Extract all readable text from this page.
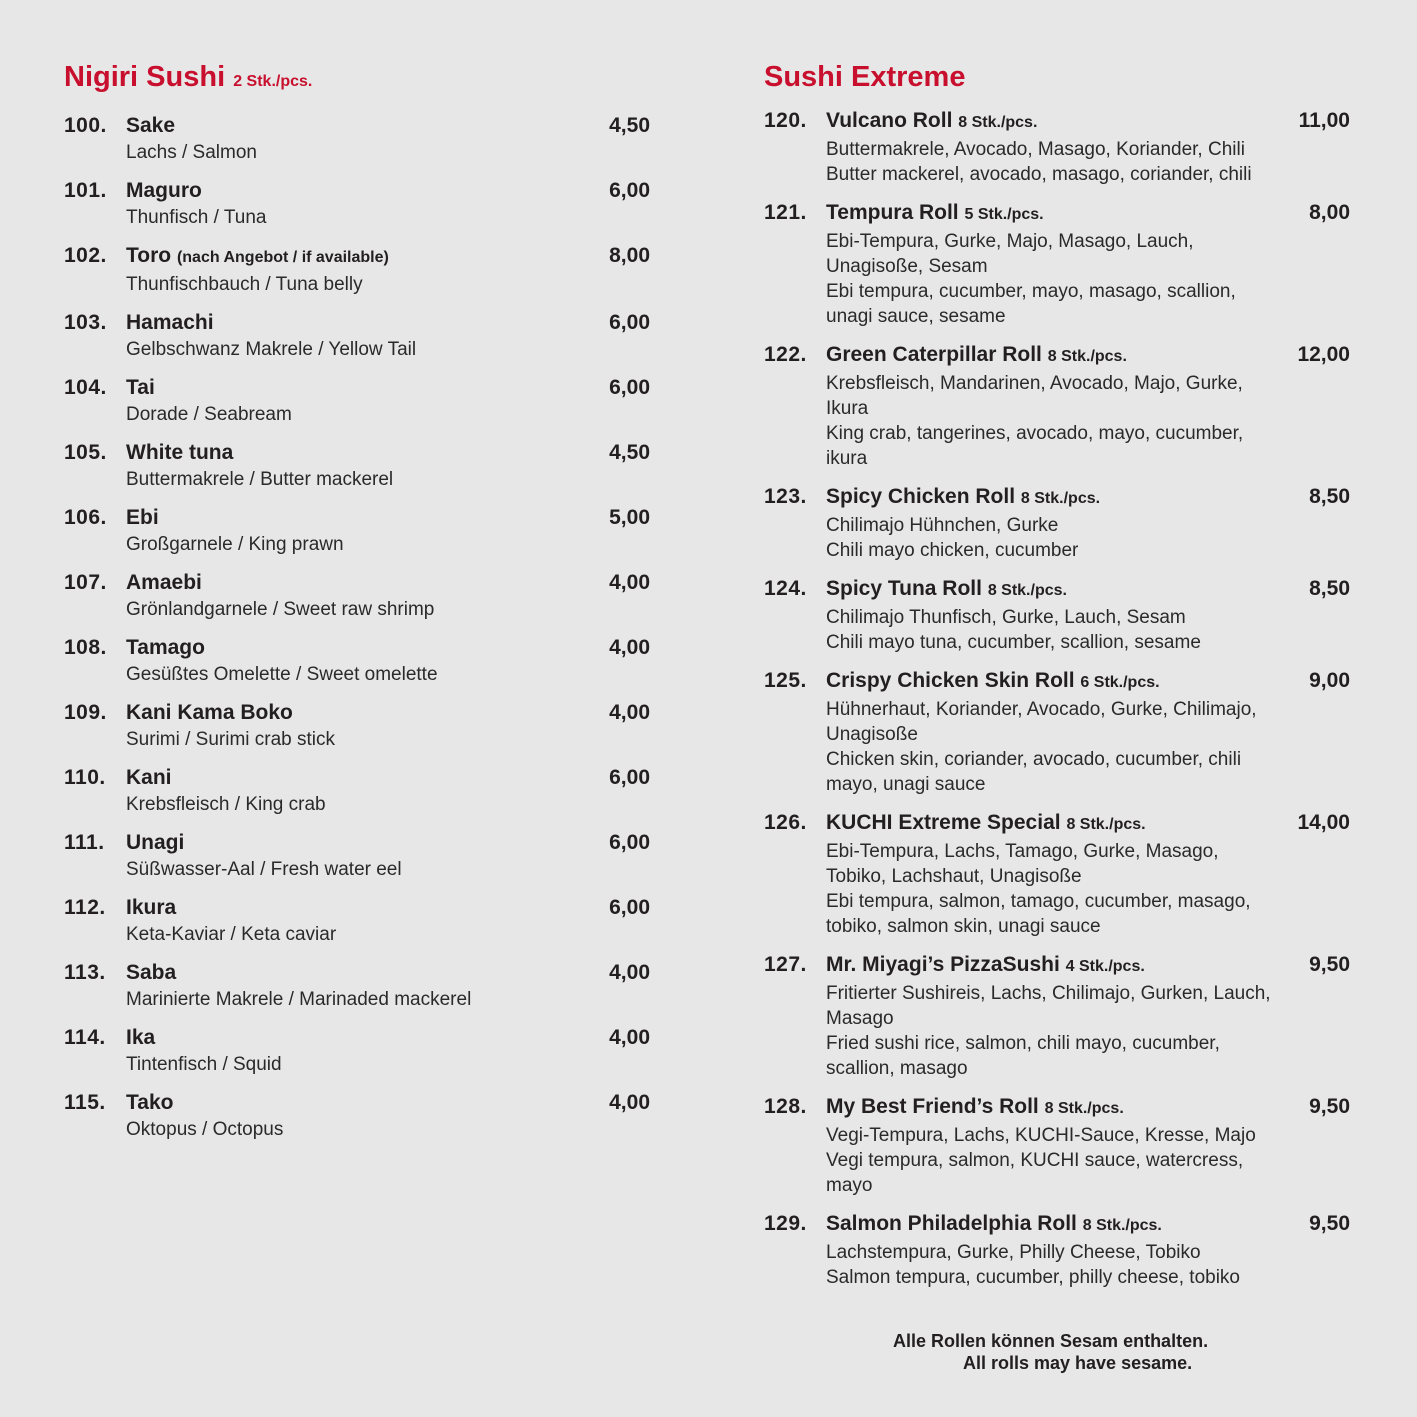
Nigiri Sushi 2 Stk./pcs.
100. Sake	4,50
Lachs / Salmon
101. Maguro	6,00
Thunfisch / Tuna
102. Toro (nach Angebot / if available)	8,00
Thunfischbauch / Tuna belly
103. Hamachi	6,00
Gelbschwanz Makrele / Yellow Tail
104. Tai	6,00
Dorade / Seabream
105. White tuna	4,50
Buttermakrele / Butter mackerel
106. Ebi	5,00
Großgarnele / King prawn
107. Amaebi	4,00
Grönlandgarnele / Sweet raw shrimp
108. Tamago	4,00
Gesüßtes Omelette / Sweet omelette
109. Kani Kama Boko	4,00
Surimi / Surimi crab stick
110. Kani	6,00
Krebsfleisch / King crab
111. Unagi	6,00
Süßwasser-Aal / Fresh water eel
112. Ikura	6,00
Keta-Kaviar / Keta caviar
113. Saba	4,00
Marinierte Makrele / Marinaded mackerel
114. Ika	4,00
Tintenfisch / Squid
115. Tako	4,00
Oktopus / Octopus
Sushi Extreme
120. Vulcano Roll 8 Stk./pcs.	11,00
Buttermakrele, Avocado, Masago, Koriander, Chili
Butter mackerel, avocado, masago, coriander, chili
121. Tempura Roll 5 Stk./pcs.	8,00
Ebi-Tempura, Gurke, Majo, Masago, Lauch, Unagisoße, Sesam
Ebi tempura, cucumber, mayo, masago, scallion, unagi sauce, sesame
122. Green Caterpillar Roll 8 Stk./pcs.	12,00
Krebsfleisch, Mandarinen, Avocado, Majo, Gurke, Ikura
King crab, tangerines, avocado, mayo, cucumber, ikura
123. Spicy Chicken Roll 8 Stk./pcs.	8,50
Chilimajo Hühnchen, Gurke
Chili mayo chicken, cucumber
124. Spicy Tuna Roll 8 Stk./pcs.	8,50
Chilimajo Thunfisch, Gurke, Lauch, Sesam
Chili mayo tuna, cucumber, scallion, sesame
125. Crispy Chicken Skin Roll 6 Stk./pcs.	9,00
Hühnerhaut, Koriander, Avocado, Gurke, Chilimajo, Unagisoße
Chicken skin, coriander, avocado, cucumber, chili mayo, unagi sauce
126. KUCHI Extreme Special 8 Stk./pcs.	14,00
Ebi-Tempura, Lachs, Tamago, Gurke, Masago, Tobiko, Lachshaut, Unagisoße
Ebi tempura, salmon, tamago, cucumber, masago, tobiko, salmon skin, unagi sauce
127. Mr. Miyagi’s PizzaSushi 4 Stk./pcs.	9,50
Fritierter Sushireis, Lachs, Chilimajo, Gurken, Lauch, Masago
Fried sushi rice, salmon, chili mayo, cucumber, scallion, masago
128. My Best Friend’s Roll 8 Stk./pcs.	9,50
Vegi-Tempura, Lachs, KUCHI-Sauce, Kresse, Majo
Vegi tempura, salmon, KUCHI sauce, watercress, mayo
129. Salmon Philadelphia Roll 8 Stk./pcs.	9,50
Lachstempura, Gurke, Philly Cheese, Tobiko
Salmon tempura, cucumber, philly cheese, tobiko
Alle Rollen können Sesam enthalten.
All rolls may have sesame.
